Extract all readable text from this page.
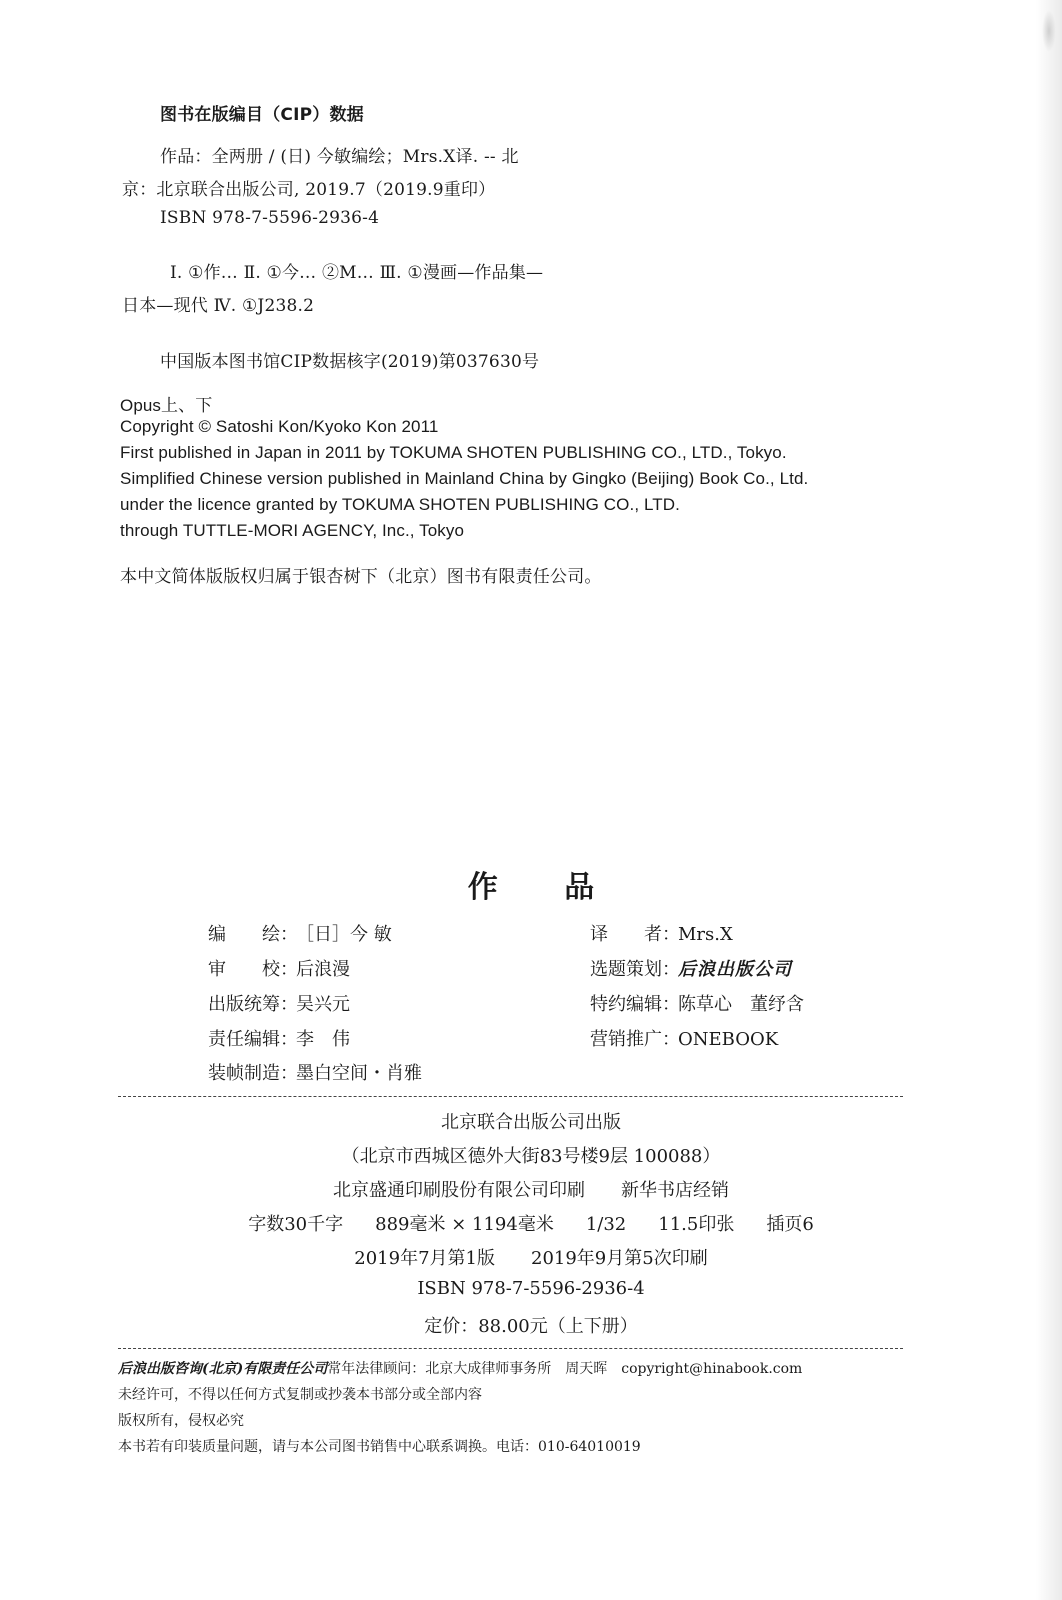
图书在版编目（CIP）数据
作品：全两册 / (日) 今敏编绘；Mrs.X译. -- 北
京：北京联合出版公司, 2019.7（2019.9重印）
ISBN 978-7-5596-2936-4
Ⅰ. ①作… Ⅱ. ①今… ②M… Ⅲ. ①漫画—作品集—
日本—现代 Ⅳ. ①J238.2
中国版本图书馆CIP数据核字(2019)第037630号
Opus上、下
Copyright © Satoshi Kon/Kyoko Kon 2011
First published in Japan in 2011 by TOKUMA SHOTEN PUBLISHING CO., LTD., Tokyo.
Simplified Chinese version published in Mainland China by Gingko (Beijing) Book Co., Ltd.
under the licence granted by TOKUMA SHOTEN PUBLISHING CO., LTD.
through TUTTLE-MORI AGENCY, Inc., Tokyo
本中文简体版版权归属于银杏树下（北京）图书有限责任公司。
作 品
编　　绘：［日］今 敏
审　　校：后浪漫
出版统筹：吴兴元
责任编辑：李　伟
装帧制造：墨白空间・肖雅
译　　者：Mrs.X
选题策划：后浪出版公司
特约编辑：陈草心　董纾含
营销推广：ONEBOOK
北京联合出版公司出版
（北京市西城区德外大街83号楼9层 100088）
北京盛通印刷股份有限公司印刷　　新华书店经销
字数30千字 889毫米 × 1194毫米 1/32 11.5印张 插页6
2019年7月第1版　　2019年9月第5次印刷
ISBN 978-7-5596-2936-4
定价：88.00元（上下册）
后浪出版咨询(北京)有限责任公司常年法律顾问：北京大成律师事务所　周天晖　copyright@hinabook.com
未经许可，不得以任何方式复制或抄袭本书部分或全部内容
版权所有，侵权必究
本书若有印装质量问题，请与本公司图书销售中心联系调换。电话：010-64010019
